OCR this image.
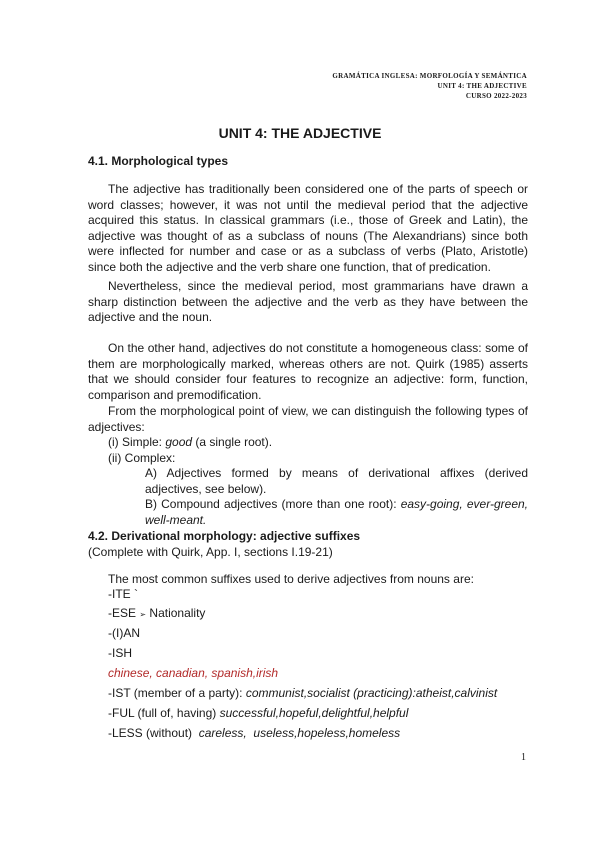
GRAMÁTICA INGLESA: MORFOLOGÍA Y SEMÁNTICA
UNIT 4: THE ADJECTIVE
CURSO 2022-2023
UNIT 4: THE ADJECTIVE
4.1. Morphological types

The adjective has traditionally been considered one of the parts of speech or word classes; however, it was not until the medieval period that the adjective acquired this status. In classical grammars (i.e., those of Greek and Latin), the adjective was thought of as a subclass of nouns (The Alexandrians) since both were inflected for number and case or as a subclass of verbs (Plato, Aristotle) since both the adjective and the verb share one function, that of predication.

Nevertheless, since the medieval period, most grammarians have drawn a sharp distinction between the adjective and the verb as they have between the adjective and the noun.

On the other hand, adjectives do not constitute a homogeneous class: some of them are morphologically marked, whereas others are not. Quirk (1985) asserts that we should consider four features to recognize an adjective: form, function, comparison and premodification.

From the morphological point of view, we can distinguish the following types of adjectives:
(i) Simple: good (a single root).
(ii) Complex:
A) Adjectives formed by means of derivational affixes (derived adjectives, see below).
B) Compound adjectives (more than one root): easy-going, ever-green, well-meant.
4.2. Derivational morphology: adjective suffixes
(Complete with Quirk, App. I, sections I.19-21)
The most common suffixes used to derive adjectives from nouns are:
-ITE `
-ESE ➢ Nationality
-(I)AN
-ISH
chinese, canadian, spanish,irish
-IST (member of a party): communist,socialist (practicing):atheist,calvinist
-FUL (full of, having) successful,hopeful,delightful,helpful
-LESS (without)  careless,  useless,hopeless,homeless
1
